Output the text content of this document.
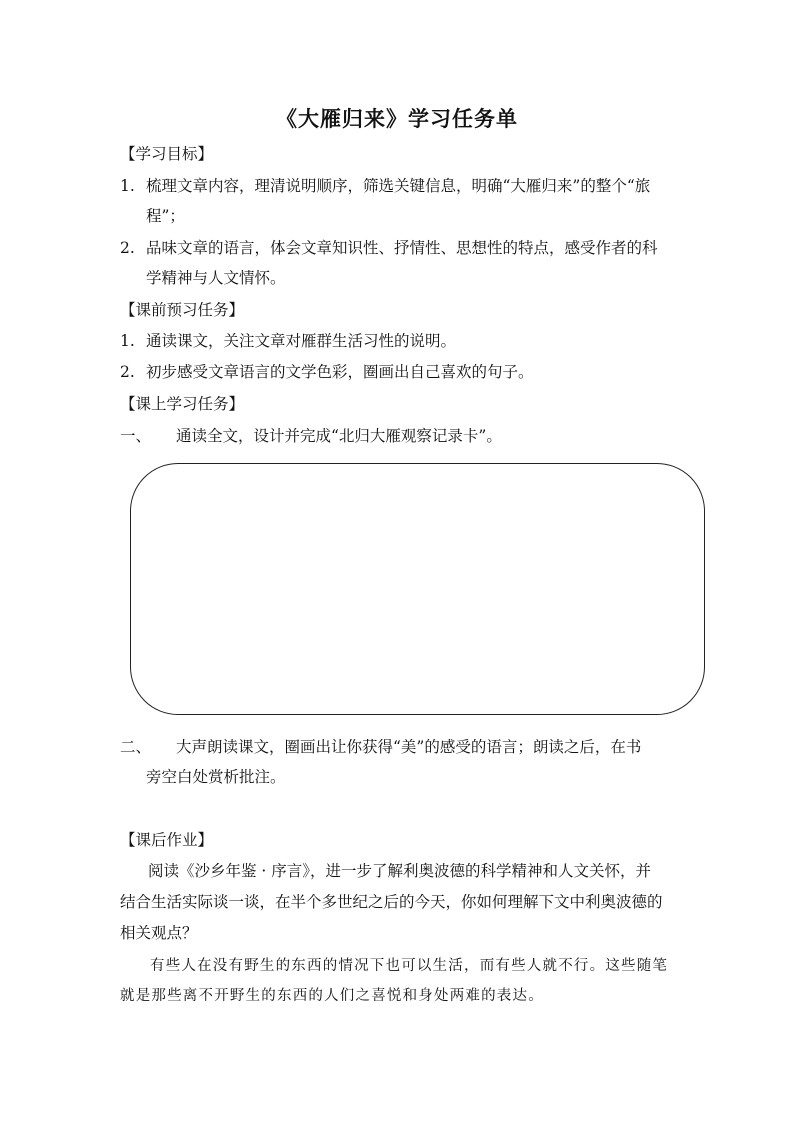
《大雁归来》学习任务单
【学习目标】
1. 梳理文章内容，理清说明顺序，筛选关键信息，明确“大雁归来”的整个“旅
程”；
2. 品味文章的语言，体会文章知识性、抒情性、思想性的特点，感受作者的科
学精神与人文情怀。
【课前预习任务】
1. 通读课文，关注文章对雁群生活习性的说明。
2. 初步感受文章语言的文学色彩，圈画出自己喜欢的句子。
【课上学习任务】
一、 通读全文，设计并完成“北归大雁观察记录卡”。
二、 大声朗读课文，圈画出让你获得“美”的感受的语言；朗读之后，在书
旁空白处赏析批注。
【课后作业】
阅读《沙乡年鉴 · 序言》，进一步了解利奥波德的科学精神和人文关怀，并
结合生活实际谈一谈，在半个多世纪之后的今天，你如何理解下文中利奥波德的
相关观点？
有些人在没有野生的东西的情况下也可以生活，而有些人就不行。这些随笔
就是那些离不开野生的东西的人们之喜悦和身处两难的表达。
